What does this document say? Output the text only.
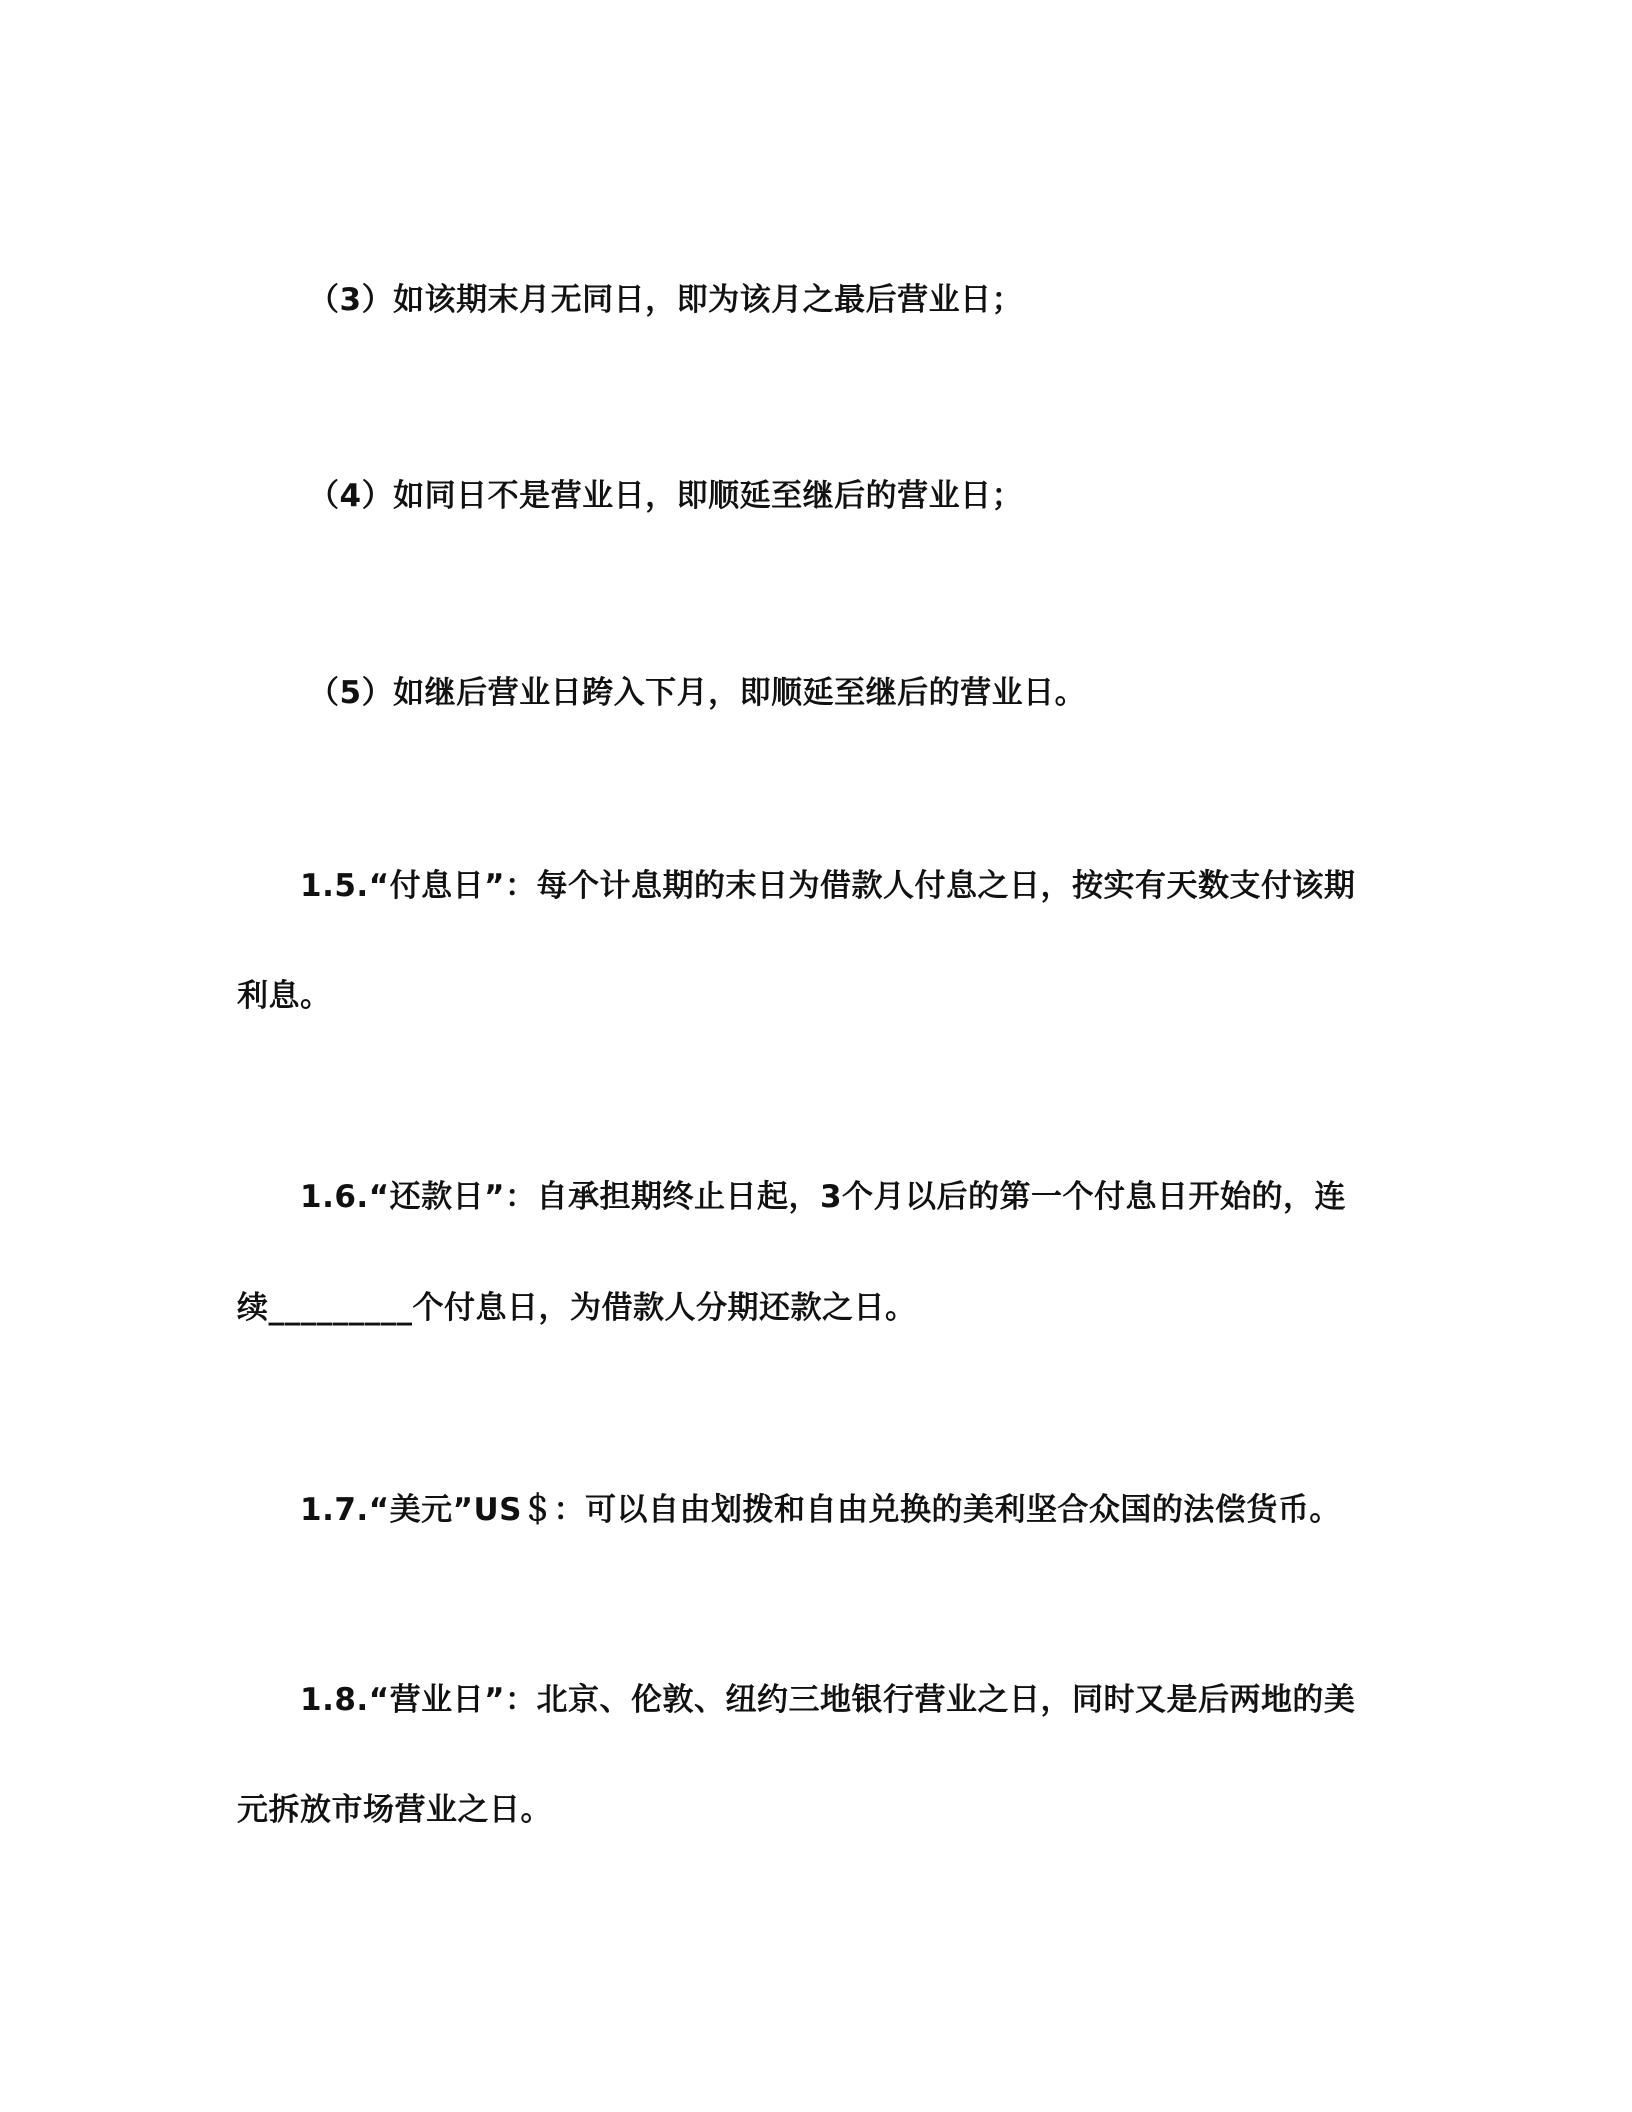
（3）如该期末月无同日，即为该月之最后营业日；
（4）如同日不是营业日，即顺延至继后的营业日；
（5）如继后营业日跨入下月，即顺延至继后的营业日。
1.5.“付息日”：每个计息期的末日为借款人付息之日，按实有天数支付该期
利息。
1.6.“还款日”：自承担期终止日起，3个月以后的第一个付息日开始的，连
续_________个付息日，为借款人分期还款之日。
1.7.“美元”US＄：可以自由划拨和自由兑换的美利坚合众国的法偿货币。
1.8.“营业日”：北京、伦敦、纽约三地银行营业之日，同时又是后两地的美
元拆放市场营业之日。
